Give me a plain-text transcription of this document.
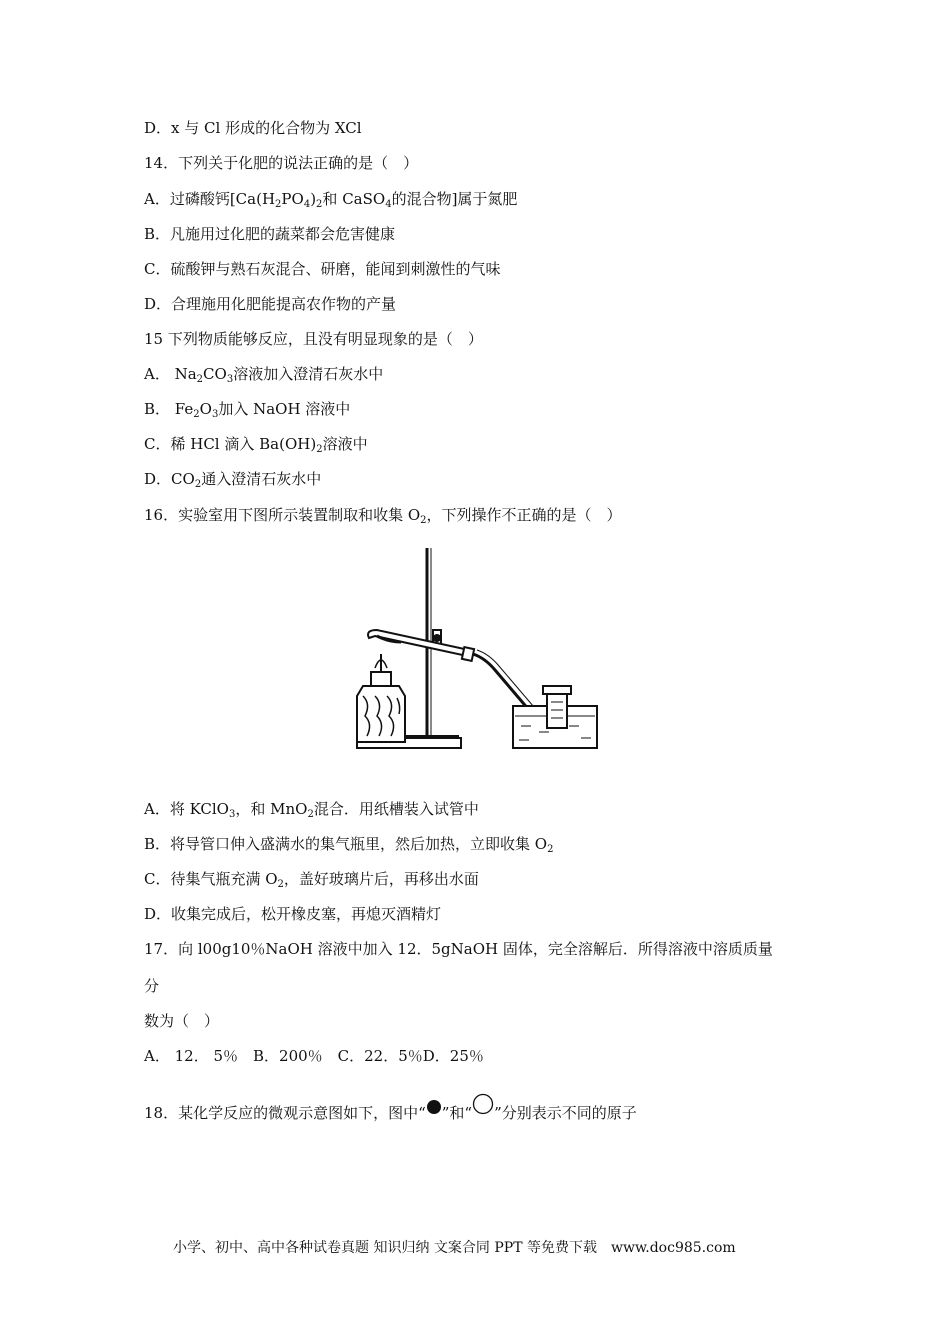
D．x 与 Cl 形成的化合物为 XCl
14．下列关于化肥的说法正确的是（　）
A．过磷酸钙[$Ca(H_2PO_4)_2$和 CaSO$_4$的混合物]属于氮肥
B．凡施用过化肥的蔬菜都会危害健康
C．硫酸钾与熟石灰混合、研磨，能闻到刺激性的气味
D．合理施用化肥能提高农作物的产量
15 下列物质能够反应，且没有明显现象的是（　）
A． $Na_2CO_3$溶液加入澄清石灰水中
B． $Fe_2O_3$加入 NaOH 溶液中
C．稀 HCl 滴入 $Ba(OH)_2$溶液中
D．$CO_2$通入澄清石灰水中
16．实验室用下图所示装置制取和收集 $O_2$，下列操作不正确的是（　）
A．将 KClO$_3$，和 MnO$_2$混合．用纸槽装入试管中
B．将导管口伸入盛满水的集气瓶里，然后加热，立即收集 $O_2$
C．待集气瓶充满 $O_2$，盖好玻璃片后，再移出水面
D．收集完成后，松开橡皮塞，再熄灭酒精灯
17．向 l00g10％NaOH 溶液中加入 12．5gNaOH 固体，完全溶解后．所得溶液中溶质质量
分
数为（　）
A． 12． 5％　B．200％　C．22．5％D．25％
18．某化学反应的微观示意图如下，图中“ ”和“ ”分别表示不同的原子
小学、初中、高中各种试卷真题 知识归纳 文案合同 PPT 等免费下载　www.doc985.com
